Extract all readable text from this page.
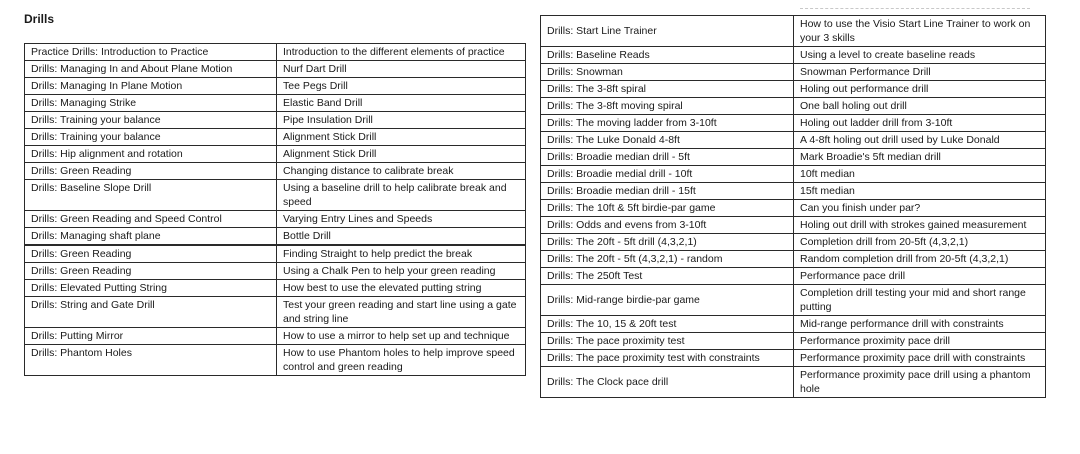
Drills
Practice Drills: Introduction to Practice	Introduction to the different elements of practice
Drills: Managing In and About Plane Motion	Nurf Dart Drill
Drills: Managing In Plane Motion	Tee Pegs Drill
Drills: Managing Strike	Elastic Band Drill
Drills: Training your balance	Pipe Insulation Drill
Drills: Training your balance	Alignment Stick Drill
Drills: Hip alignment and rotation	Alignment Stick Drill
Drills: Green Reading	Changing distance to calibrate break
Drills: Baseline Slope Drill	Using a baseline drill to help calibrate break and speed
Drills: Green Reading and Speed Control	Varying Entry Lines and Speeds
Drills: Managing shaft plane	Bottle Drill
Drills: Green Reading	Finding Straight to help predict the break
Drills: Green Reading	Using a Chalk Pen to help your green reading
Drills: Elevated Putting String	How best to use the elevated putting string
Drills: String and Gate Drill	Test your green reading and start line using a gate and string line
Drills: Putting Mirror	How to use a mirror to help set up and technique
Drills: Phantom Holes	How to use Phantom holes to help improve speed control and green reading
Drills: Start Line Trainer	How to use the Visio Start Line Trainer to work on your 3 skills
Drills: Baseline Reads	Using a level to create baseline reads
Drills: Snowman	Snowman Performance Drill
Drills: The 3-8ft spiral	Holing out performance drill
Drills: The 3-8ft moving spiral	One ball holing out drill
Drills: The moving ladder from 3-10ft	Holing out ladder drill from 3-10ft
Drills: The Luke Donald 4-8ft	A 4-8ft holing out drill used by Luke Donald
Drills: Broadie median drill - 5ft	Mark Broadie's 5ft median drill
Drills: Broadie medial drill - 10ft	10ft median
Drills: Broadie median drill - 15ft	15ft median
Drills: The 10ft & 5ft birdie-par game	Can you finish under par?
Drills: Odds and evens from 3-10ft	Holing out drill with strokes gained measurement
Drills: The 20ft - 5ft drill (4,3,2,1)	Completion drill from 20-5ft (4,3,2,1)
Drills: The 20ft - 5ft (4,3,2,1) - random	Random completion drill from 20-5ft (4,3,2,1)
Drills: The 250ft Test	Performance pace drill
Drills: Mid-range birdie-par game	Completion drill testing your mid and short range putting
Drills: The 10, 15 & 20ft test	Mid-range performance drill with constraints
Drills: The pace proximity test	Performance proximity pace drill
Drills: The pace proximity test with constraints	Performance proximity pace drill with constraints
Drills: The Clock pace drill	Performance proximity pace drill using a phantom hole
